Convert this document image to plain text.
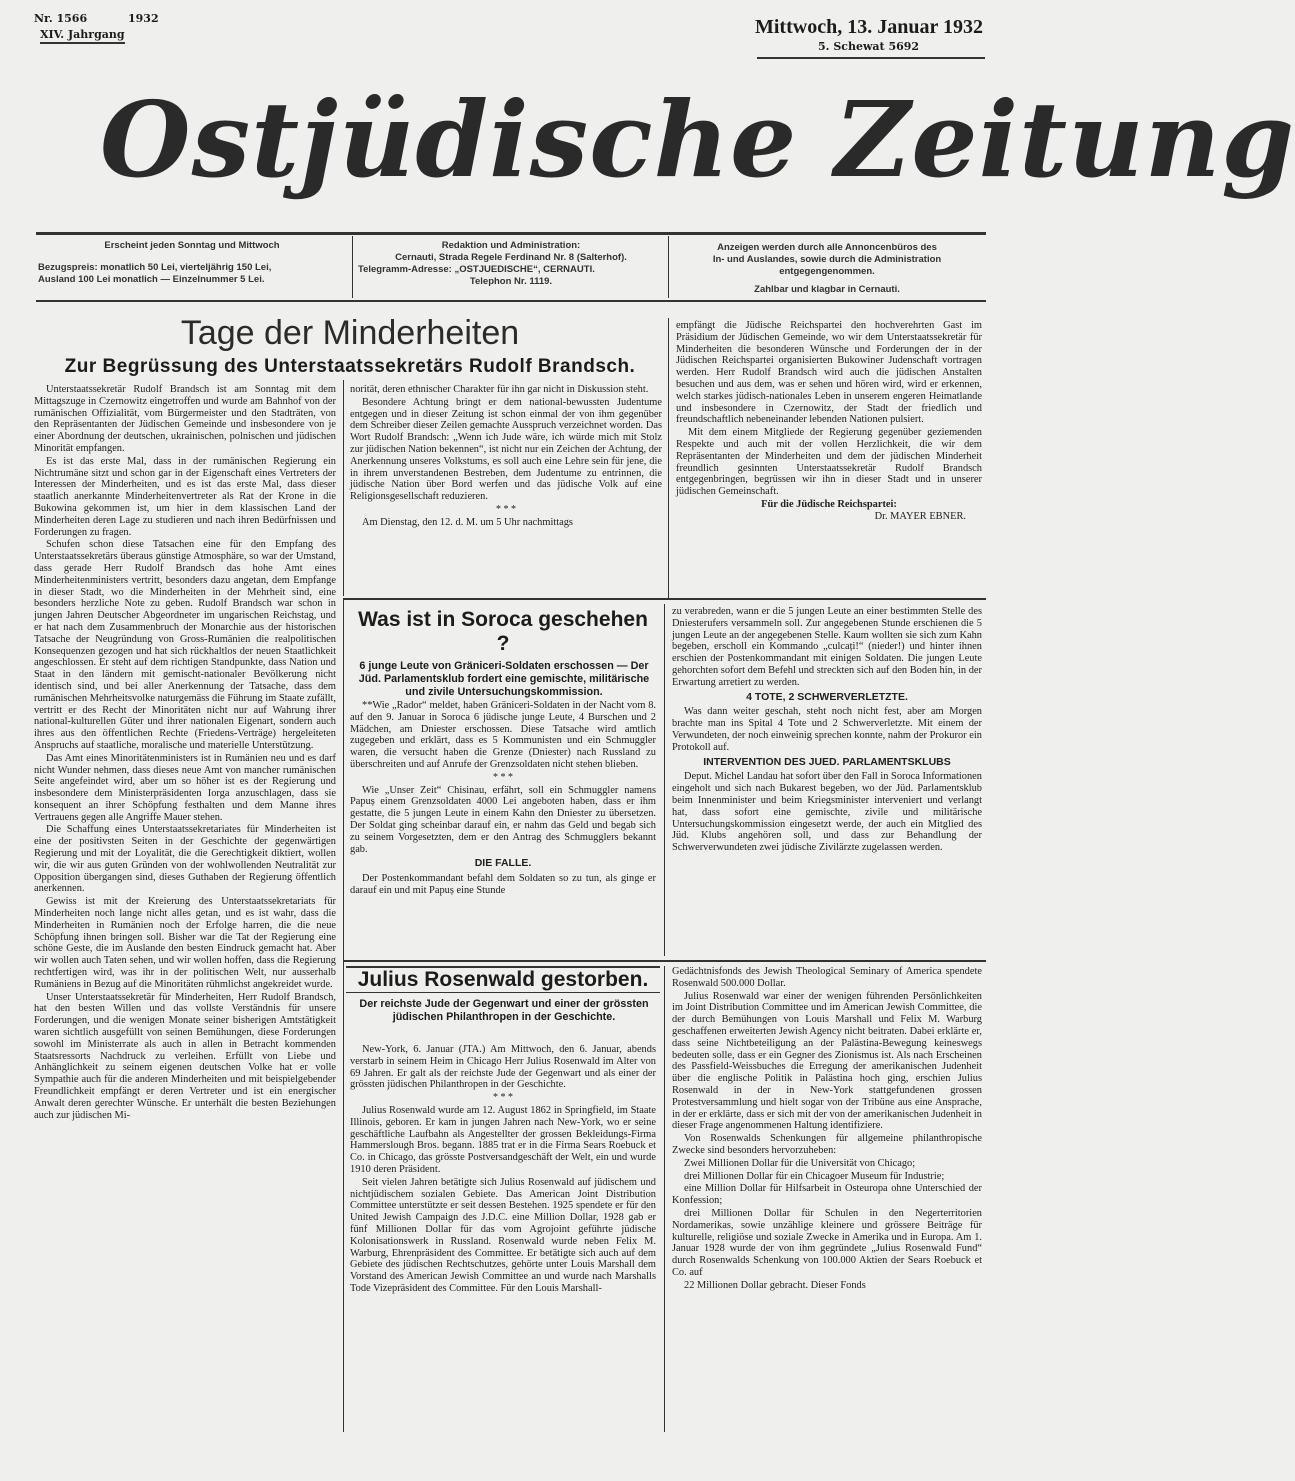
Nr. 1566	1932
XIV. Jahrgang	Mittwoch, 13. Januar 1932
5. Schewat 5692
Ostjüdische Zeitung
Erscheint jeden Sonntag und Mittwoch
Bezugspreis: monatlich 50 Lei, vierteljährig 150 Lei,
Ausland 100 Lei monatlich — Einzelnummer 5 Lei.
Redaktion und Administration:
Cernauti, Strada Regele Ferdinand Nr. 8 (Salterhof).
Telegramm-Adresse: „OSTJUEDISCHE“, CERNAUTI.
Telephon Nr. 1119.
Anzeigen werden durch alle Annoncenbüros des
In- und Auslandes, sowie durch die Administration
entgegengenommen.
Zahlbar und klagbar in Cernauti.
Tage der Minderheiten
Zur Begrüssung des Unterstaatssekretärs Rudolf Brandsch.

Unterstaatssekretär Rudolf Brandsch ist am Sonntag mit dem Mittagszuge in Czernowitz eingetroffen und wurde am Bahnhof von der rumänischen Offizialität, vom Bürgermeister und den Stadträten, von den Repräsentanten der Jüdischen Gemeinde und insbesondere von je einer Abordnung der deutschen, ukrainischen, polnischen und jüdischen Minorität empfangen.

Es ist das erste Mal, dass in der rumänischen Regierung ein Nichtrumäne sitzt und schon gar in der Eigenschaft eines Vertreters der Interessen der Minderheiten, und es ist das erste Mal, dass dieser staatlich anerkannte Minderheitenvertreter als Rat der Krone in die Bukowina gekommen ist, um hier in dem klassischen Land der Minderheiten deren Lage zu studieren und nach ihren Bedürfnissen und Forderungen zu fragen.

Schufen schon diese Tatsachen eine für den Empfang des Unterstaatssekretärs überaus günstige Atmosphäre, so war der Umstand, dass gerade Herr Rudolf Brandsch das hohe Amt eines Minderheitenministers vertritt, besonders dazu angetan, dem Empfange in dieser Stadt, wo die Minderheiten in der Mehrheit sind, eine besonders herzliche Note zu geben. Rudolf Brandsch war schon in jungen Jahren Deutscher Abgeordneter im ungarischen Reichstag, und er hat nach dem Zusammenbruch der Monarchie aus der historischen Tatsache der Neugründung von Gross-Rumänien die realpolitischen Konsequenzen gezogen und hat sich rückhaltlos der neuen Staatlichkeit angeschlossen. Er steht auf dem richtigen Standpunkte, dass Nation und Staat in den ländern mit gemischt-nationaler Bevölkerung nicht identisch sind, und bei aller Anerkennung der Tatsache, dass dem rumänischen Mehrheitsvolke naturgemäss die Führung im Staate zufällt, vertritt er des Recht der Minoritäten nicht nur auf Wahrung ihrer national-kulturellen Güter und ihrer nationalen Eigenart, sondern auch ihres aus den öffentlichen Rechte (Friedens-Verträge) hergeleiteten Anspruchs auf staatliche, moralische und materielle Unterstützung.

Das Amt eines Minoritätenministers ist in Rumänien neu und es darf nicht Wunder nehmen, dass dieses neue Amt von mancher rumänischen Seite angefeindet wird, aber um so höher ist es der Regierung und insbesondere dem Ministerpräsidenten Iorga anzuschlagen, dass sie konsequent an ihrer Schöpfung festhalten und dem Manne ihres Vertrauens gegen alle Angriffe Mauer stehen.

Die Schaffung eines Unterstaatssekretariates für Minderheiten ist eine der positivsten Seiten in der Geschichte der gegenwärtigen Regierung und mit der Loyalität, die die Gerechtigkeit diktiert, wollen wir, die wir aus guten Gründen von der wohlwollenden Neutralität zur Opposition übergangen sind, dieses Guthaben der Regierung öffentlich anerkennen.

Gewiss ist mit der Kreierung des Unterstaatssekretariats für Minderheiten noch lange nicht alles getan, und es ist wahr, dass die Minderheiten in Rumänien noch der Erfolge harren, die die neue Schöpfung ihnen bringen soll. Bisher war die Tat der Regierung eine schöne Geste, die im Auslande den besten Eindruck gemacht hat. Aber wir wollen auch Taten sehen, und wir wollen hoffen, dass die Regierung rechtfertigen wird, was ihr in der politischen Welt, nur ausserhalb Rumäniens in Bezug auf die Minoritäten rühmlichst angekreidet wurde.

Unser Unterstaatssekretär für Minderheiten, Herr Rudolf Brandsch, hat den besten Willen und das vollste Verständnis für unsere Forderungen, und die wenigen Monate seiner bisherigen Amtstätigkeit waren sichtlich ausgefüllt von seinen Bemühungen, diese Forderungen sowohl im Ministerrate als auch in allen in Betracht kommenden Staatsressorts Nachdruck zu verleihen. Erfüllt von Liebe und Anhänglichkeit zu seinem eigenen deutschen Volke hat er volle Sympathie auch für die anderen Minderheiten und mit beispielgebender Freundlichkeit empfängt er deren Vertreter und ist ein energischer Anwalt deren gerechter Wünsche. Er unterhält die besten Beziehungen auch zur jüdischen Mi-

norität, deren ethnischer Charakter für ihn gar nicht in Diskussion steht.

Besondere Achtung bringt er dem national-bewussten Judentume entgegen und in dieser Zeitung ist schon einmal der von ihm gegenüber dem Schreiber dieser Zeilen gemachte Ausspruch verzeichnet worden. Das Wort Rudolf Brandsch: „Wenn ich Jude wäre, ich würde mich mit Stolz zur jüdischen Nation bekennen“, ist nicht nur ein Zeichen der Achtung, der Anerkennung unseres Volkstums, es soll auch eine Lehre sein für jene, die in ihrem unverstandenen Bestreben, dem Judentume zu entrinnen, die jüdische Nation über Bord werfen und das jüdische Volk auf eine Religionsgesellschaft reduzieren.

* * *

Am Dienstag, den 12. d. M. um 5 Uhr nachmittags

empfängt die Jüdische Reichspartei den hochverehrten Gast im Präsidium der Jüdischen Gemeinde, wo wir dem Unterstaatssekretär für Minderheiten die besonderen Wünsche und Forderungen der in der Jüdischen Reichspartei organisierten Bukowiner Judenschaft vortragen werden. Herr Rudolf Brandsch wird auch die jüdischen Anstalten besuchen und aus dem, was er sehen und hören wird, wird er erkennen, welch starkes jüdisch-nationales Leben in unserem engeren Heimatlande und insbesondere in Czernowitz, der Stadt der friedlich und freundschaftlich nebeneinander lebenden Nationen pulsiert.

Mit dem einem Mitgliede der Regierung gegenüber geziemenden Respekte und auch mit der vollen Herzlichkeit, die wir dem Repräsentanten der Minderheiten und dem der jüdischen Minderheit freundlich gesinnten Unterstaatssekretär Rudolf Brandsch entgegenbringen, begrüssen wir ihn in dieser Stadt und in unserer jüdischen Gemeinschaft.

Für die Jüdische Reichspartei:
Dr. MAYER EBNER.
Was ist in Soroca geschehen ?
6 junge Leute von Gräniceri-Soldaten erschossen — Der Jüd. Parlamentsklub fordert eine gemischte, militärische und zivile Untersuchungskommission.

**Wie „Rador“ meldet, haben Gräniceri-Soldaten in der Nacht vom 8. auf den 9. Januar in Soroca 6 jüdische junge Leute, 4 Burschen und 2 Mädchen, am Dniester erschossen. Diese Tatsache wird amtlich zugegeben und erklärt, dass es 5 Kommunisten und ein Schmuggler waren, die versucht haben die Grenze (Dniester) nach Russland zu überschreiten und auf Anrufe der Grenzsoldaten nicht stehen blieben.

* * *

Wie „Unser Zeit“ Chisinau, erfährt, soll ein Schmuggler namens Papuș einem Grenzsoldaten 4000 Lei angeboten haben, dass er ihm gestatte, die 5 jungen Leute in einem Kahn den Dniester zu übersetzen. Der Soldat ging scheinbar darauf ein, er nahm das Geld und begab sich zu seinem Vorgesetzten, dem er den Antrag des Schmugglers bekannt gab.

DIE FALLE.

Der Postenkommandant befahl dem Soldaten so zu tun, als ginge er darauf ein und mit Papuș eine Stunde

zu verabreden, wann er die 5 jungen Leute an einer bestimmten Stelle des Dniesterufers versammeln soll. Zur angegebenen Stunde erschienen die 5 jungen Leute an der angegebenen Stelle. Kaum wollten sie sich zum Kahn begeben, erscholl ein Kommando „culcați!“ (nieder!) und hinter ihnen erschien der Postenkommandant mit einigen Soldaten. Die jungen Leute gehorchten sofort dem Befehl und streckten sich auf den Boden hin, in der Erwartung arretiert zu werden.

4 TOTE, 2 SCHWERVERLETZTE.

Was dann weiter geschah, steht noch nicht fest, aber am Morgen brachte man ins Spital 4 Tote und 2 Schwerverletzte. Mit einem der Verwundeten, der noch einweinig sprechen konnte, nahm der Prokuror ein Protokoll auf.

INTERVENTION DES JUED. PARLAMENTSKLUBS

Deput. Michel Landau hat sofort über den Fall in Soroca Informationen eingeholt und sich nach Bukarest begeben, wo der Jüd. Parlamentsklub beim Innenminister und beim Kriegsminister interveniert und verlangt hat, dass sofort eine gemischte, zivile und militärische Untersuchungskommission eingesetzt werde, der auch ein Mitglied des Jüd. Klubs angehören soll, und dass zur Behandlung der Schwerverwundeten zwei jüdische Zivilärzte zugelassen werden.

Julius Rosenwald gestorben.
Der reichste Jude der Gegenwart und einer der grössten jüdischen Philanthropen in der Geschichte.

New-York, 6. Januar (JTA.) Am Mittwoch, den 6. Januar, abends verstarb in seinem Heim in Chicago Herr Julius Rosenwald im Alter von 69 Jahren. Er galt als der reichste Jude der Gegenwart und als einer der grössten jüdischen Philanthropen in der Geschichte.

* * *

Julius Rosenwald wurde am 12. August 1862 in Springfield, im Staate Illinois, geboren. Er kam in jungen Jahren nach New-York, wo er seine geschäftliche Laufbahn als Angestellter der grossen Bekleidungs-Firma Hammerslough Bros. begann. 1885 trat er in die Firma Sears Roebuck et Co. in Chicago, das grösste Postversandgeschäft der Welt, ein und wurde 1910 deren Präsident.

Seit vielen Jahren betätigte sich Julius Rosenwald auf jüdischem und nichtjüdischem sozialen Gebiete. Das American Joint Distribution Committee unterstützte er seit dessen Bestehen. 1925 spendete er für den United Jewish Campaign des J.D.C. eine Million Dollar, 1928 gab er fünf Millionen Dollar für das vom Agrojoint geführte jüdische Kolonisationswerk in Russland. Rosenwald wurde neben Felix M. Warburg, Ehrenpräsident des Committee. Er betätigte sich auch auf dem Gebiete des jüdischen Rechtschutzes, gehörte unter Louis Marshall dem Vorstand des American Jewish Committee an und wurde nach Marshalls Tode Vizepräsident des Committee. Für den Louis Marshall-

Gedächtnisfonds des Jewish Theological Seminary of America spendete Rosenwald 500.000 Dollar.

Julius Rosenwald war einer der wenigen führenden Persönlichkeiten im Joint Distribution Committee und im American Jewish Committee, die der durch Bemühungen von Louis Marshall und Felix M. Warburg geschaffenen erweiterten Jewish Agency nicht beitraten. Dabei erklärte er, dass seine Nichtbeteiligung an der Palästina-Bewegung keineswegs bedeuten solle, dass er ein Gegner des Zionismus ist. Als nach Erscheinen des Passfield-Weissbuches die Erregung der amerikanischen Judenheit über die englische Politik in Palästina hoch ging, erschien Julius Rosenwald in der in New-York stattgefundenen grossen Protestversammlung und hielt sogar von der Tribüne aus eine Ansprache, in der er erklärte, dass er sich mit der von der amerikanischen Judenheit in dieser Frage angenommenen Haltung identifiziere.

Von Rosenwalds Schenkungen für allgemeine philanthropische Zwecke sind besonders hervorzuheben:

Zwei Millionen Dollar für die Universität von Chicago;

drei Millionen Dollar für ein Chicagoer Museum für Industrie;

eine Million Dollar für Hilfsarbeit in Osteuropa ohne Unterschied der Konfession;

drei Millionen Dollar für Schulen in den Negerterritorien Nordamerikas, sowie unzählige kleinere und grössere Beiträge für kulturelle, religiöse und soziale Zwecke in Amerika und in Europa. Am 1. Januar 1928 wurde der von ihm gegründete „Julius Rosenwald Fund“ durch Rosenwalds Schenkung von 100.000 Aktien der Sears Roebuck et Co. auf

22 Millionen Dollar gebracht. Dieser Fonds
